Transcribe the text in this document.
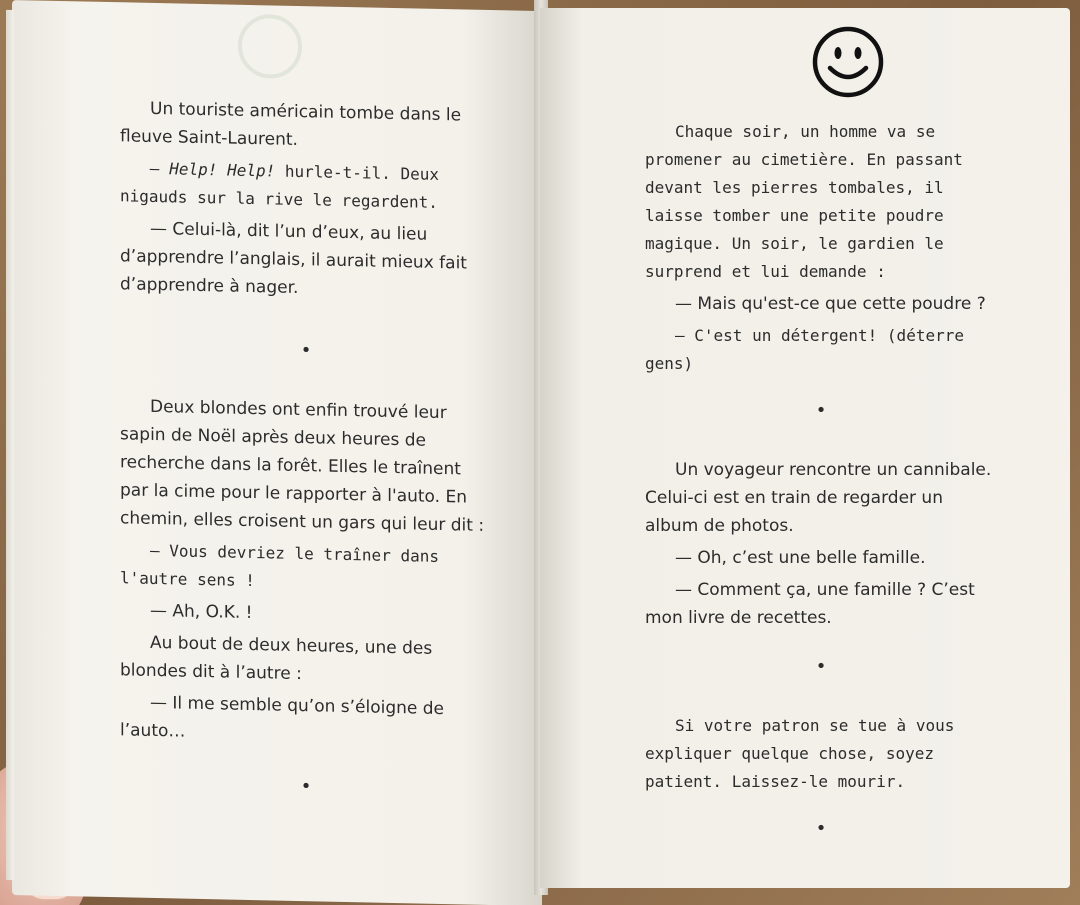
Un touriste américain tombe dans le fleuve Saint-Laurent.

— Help! Help! hurle-t-il. Deux nigauds sur la rive le regardent.

— Celui-là, dit l’un d’eux, au lieu d’apprendre l’anglais, il aurait mieux fait d’apprendre à nager.

•

Deux blondes ont enfin trouvé leur sapin de Noël après deux heures de recherche dans la forêt. Elles le traînent par la cime pour le rapporter à l'auto. En chemin, elles croisent un gars qui leur dit :

— Vous devriez le traîner dans l'autre sens !

— Ah, O.K. !

Au bout de deux heures, une des blondes dit à l’autre :

— Il me semble qu’on s’éloigne de l’auto…

•

Chaque soir, un homme va se promener au cimetière. En passant devant les pierres tombales, il laisse tomber une petite poudre magique. Un soir, le gardien le surprend et lui demande :

— Mais qu'est-ce que cette poudre ?

— C'est un détergent! (déterre gens)

•

Un voyageur rencontre un cannibale. Celui-ci est en train de regarder un album de photos.

— Oh, c’est une belle famille.

— Comment ça, une famille ? C’est mon livre de recettes.

•

Si votre patron se tue à vous expliquer quelque chose, soyez patient. Laissez-le mourir.

•
